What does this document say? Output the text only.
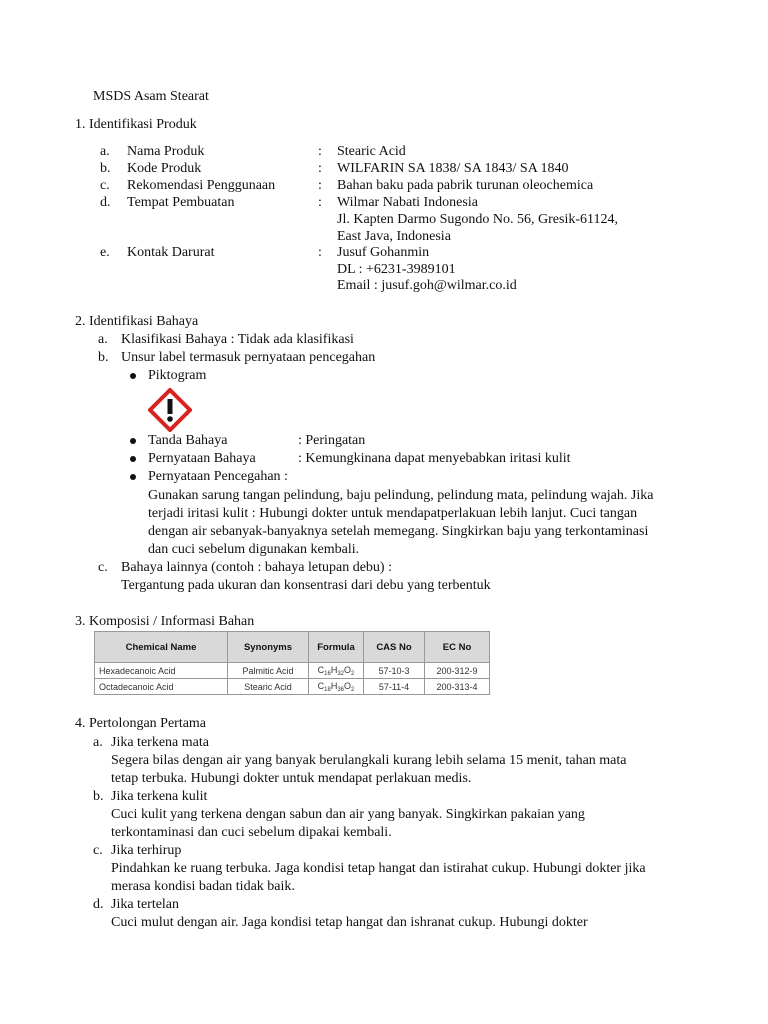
MSDS Asam Stearat
1. Identifikasi Produk
a. Nama Produk	: Stearic Acid
b. Kode Produk	: WILFARIN SA 1838/ SA 1843/ SA 1840
c. Rekomendasi Penggunaan	: Bahan baku pada pabrik turunan oleochemica
d. Tempat Pembuatan	: Wilmar Nabati Indonesia
Jl. Kapten Darmo Sugondo No. 56, Gresik-61124,
East Java, Indonesia
e. Kontak Darurat	: Jusuf Gohanmin
DL : +6231-3989101
Email : jusuf.goh@wilmar.co.id
2. Identifikasi Bahaya
a. Klasifikasi Bahaya : Tidak ada klasifikasi
b. Unsur label termasuk pernyataan pencegahan
Piktogram
Tanda Bahaya	: Peringatan
Pernyataan Bahaya	: Kemungkinana dapat menyebabkan iritasi kulit
Pernyataan Pencegahan :
Gunakan sarung tangan pelindung, baju pelindung, pelindung mata, pelindung wajah. Jika terjadi iritasi kulit : Hubungi dokter untuk mendapatperlakuan lebih lanjut. Cuci tangan dengan air sebanyak-banyaknya setelah memegang. Singkirkan baju yang terkontaminasi dan cuci sebelum digunakan kembali.
c. Bahaya lainnya (contoh : bahaya letupan debu) :
Tergantung pada ukuran dan konsentrasi dari debu yang terbentuk
3. Komposisi / Informasi Bahan
Chemical Name	Synonyms	Formula	CAS No	EC No
Hexadecanoic Acid	Palmitic Acid	$C_{16}H_{32}O_2$	57-10-3	200-312-9
Octadecanoic Acid	Stearic Acid	$C_{18}H_{36}O_2$	57-11-4	200-313-4
4. Pertolongan Pertama
a. Jika terkena mata
Segera bilas dengan air yang banyak berulangkali kurang lebih selama 15 menit, tahan mata tetap terbuka. Hubungi dokter untuk mendapat perlakuan medis.
b. Jika terkena kulit
Cuci kulit yang terkena dengan sabun dan air yang banyak. Singkirkan pakaian yang terkontaminasi dan cuci sebelum dipakai kembali.
c. Jika terhirup
Pindahkan ke ruang terbuka. Jaga kondisi tetap hangat dan istirahat cukup. Hubungi dokter jika merasa kondisi badan tidak baik.
d. Jika tertelan
Cuci mulut dengan air. Jaga kondisi tetap hangat dan ishranat cukup. Hubungi dokter
